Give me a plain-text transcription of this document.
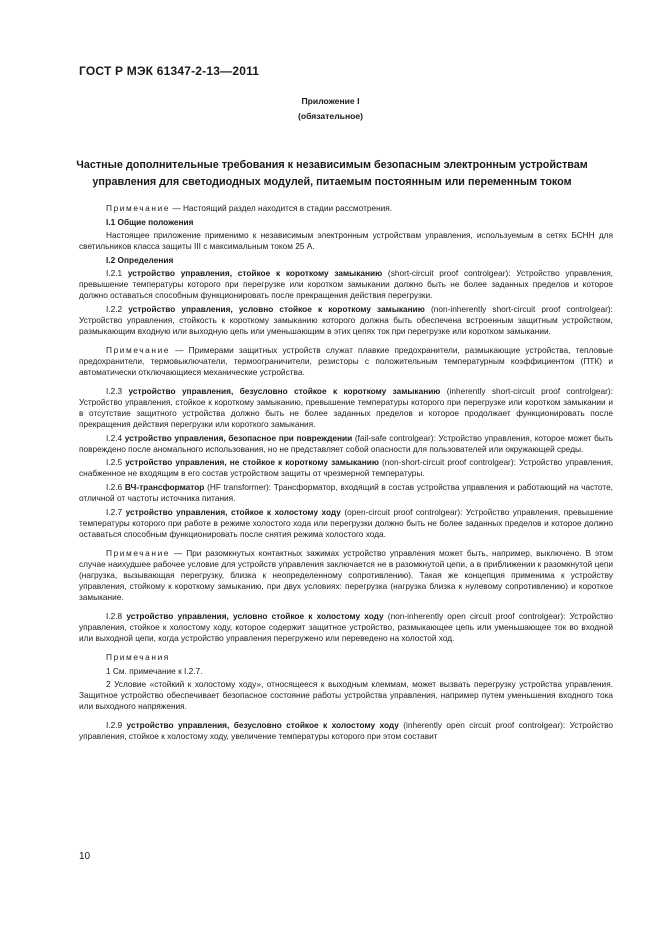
ГОСТ Р МЭК 61347-2-13—2011
Приложение I
(обязательное)
Частные дополнительные требования к независимым безопасным электронным устройствам
управления для светодиодных модулей, питаемым постоянным или переменным током

Примечание — Настоящий раздел находится в стадии рассмотрения.

I.1 Общие положения

Настоящее приложение применимо к независимым электронным устройствам управления, используемым в сетях БСНН для светильников класса защиты III с максимальным током 25 А.

I.2 Определения

I.2.1 устройство управления, стойкое к короткому замыканию (short-circuit proof controlgear): Устройство управления, превышение температуры которого при перегрузке или коротком замыкании должно быть не более заданных пределов и которое должно оставаться способным функционировать после прекращения действия перегрузки.

I.2.2 устройство управления, условно стойкое к короткому замыканию (non-inherently short-circuit proof controlgear): Устройство управления, стойкость к короткому замыканию которого должна быть обеспечена встроенным защитным устройством, размыкающим входную или выходную цепь или уменьшающим в этих цепях ток при перегрузке или коротком замыкании.

Примечание — Примерами защитных устройств служат плавкие предохранители, размыкающие устройства, тепловые предохранители, термовыключатели, термоограничители, резисторы с положительным температурным коэффициентом (ПТК) и автоматически отключающиеся механические устройства.

I.2.3 устройство управления, безусловно стойкое к короткому замыканию (inherently short-circuit proof controlgear): Устройство управления, стойкое к короткому замыканию, превышение температуры которого при перегрузке или коротком замыкании и в отсутствие защитного устройства должно быть не более заданных пределов и которое продолжает функционировать после прекращения действия перегрузки или короткого замыкания.

I.2.4 устройство управления, безопасное при повреждении (fail-safe controlgear): Устройство управления, которое может быть повреждено после аномального использования, но не представляет собой опасности для пользователей или окружающей среды.

I.2.5 устройство управления, не стойкое к короткому замыканию (non-short-circuit proof controlgear): Устройство управления, снабженное не входящим в его состав устройством защиты от чрезмерной температуры.

I.2.6 ВЧ-трансформатор (HF transformer): Трансформатор, входящий в состав устройства управления и работающий на частоте, отличной от частоты источника питания.

I.2.7 устройство управления, стойкое к холостому ходу (open-circuit proof controlgear): Устройство управления, превышение температуры которого при работе в режиме холостого хода или перегрузки должно быть не более заданных пределов и которое должно оставаться способным функционировать после снятия режима холостого хода.

Примечание — При разомкнутых контактных зажимах устройство управления может быть, например, выключено. В этом случае наихудшее рабочее условие для устройств управления заключается не в разомкнутой цепи, а в приближении к разомкнутой цепи (нагрузка, вызывающая перегрузку, близка к неопределенному сопротивлению). Такая же концепция применима к устройству управления, стойкому к короткому замыканию, при двух условиях: перегрузка (нагрузка близка к нулевому сопротивлению) и короткое замыкание.

I.2.8 устройство управления, условно стойкое к холостому ходу (non-inherently open circuit proof controlgear): Устройство управления, стойкое к холостому ходу, которое содержит защитное устройство, размыкающее цепь или уменьшающее ток во входной или выходной цепи, когда устройство управления перегружено или переведено на холостой ход.

Примечания

1 См. примечание к I.2.7.

2 Условие «стойкий к холостому ходу», относящееся к выходным клеммам, может вызвать перегрузку устройства управления. Защитное устройство обеспечивает безопасное состояние работы устройства управления, например путем уменьшения входного тока или выходного напряжения.

I.2.9 устройство управления, безусловно стойкое к холостому ходу (inherently open circuit proof controlgear): Устройство управления, стойкое к холостому ходу, увеличение температуры которого при этом составит

10
